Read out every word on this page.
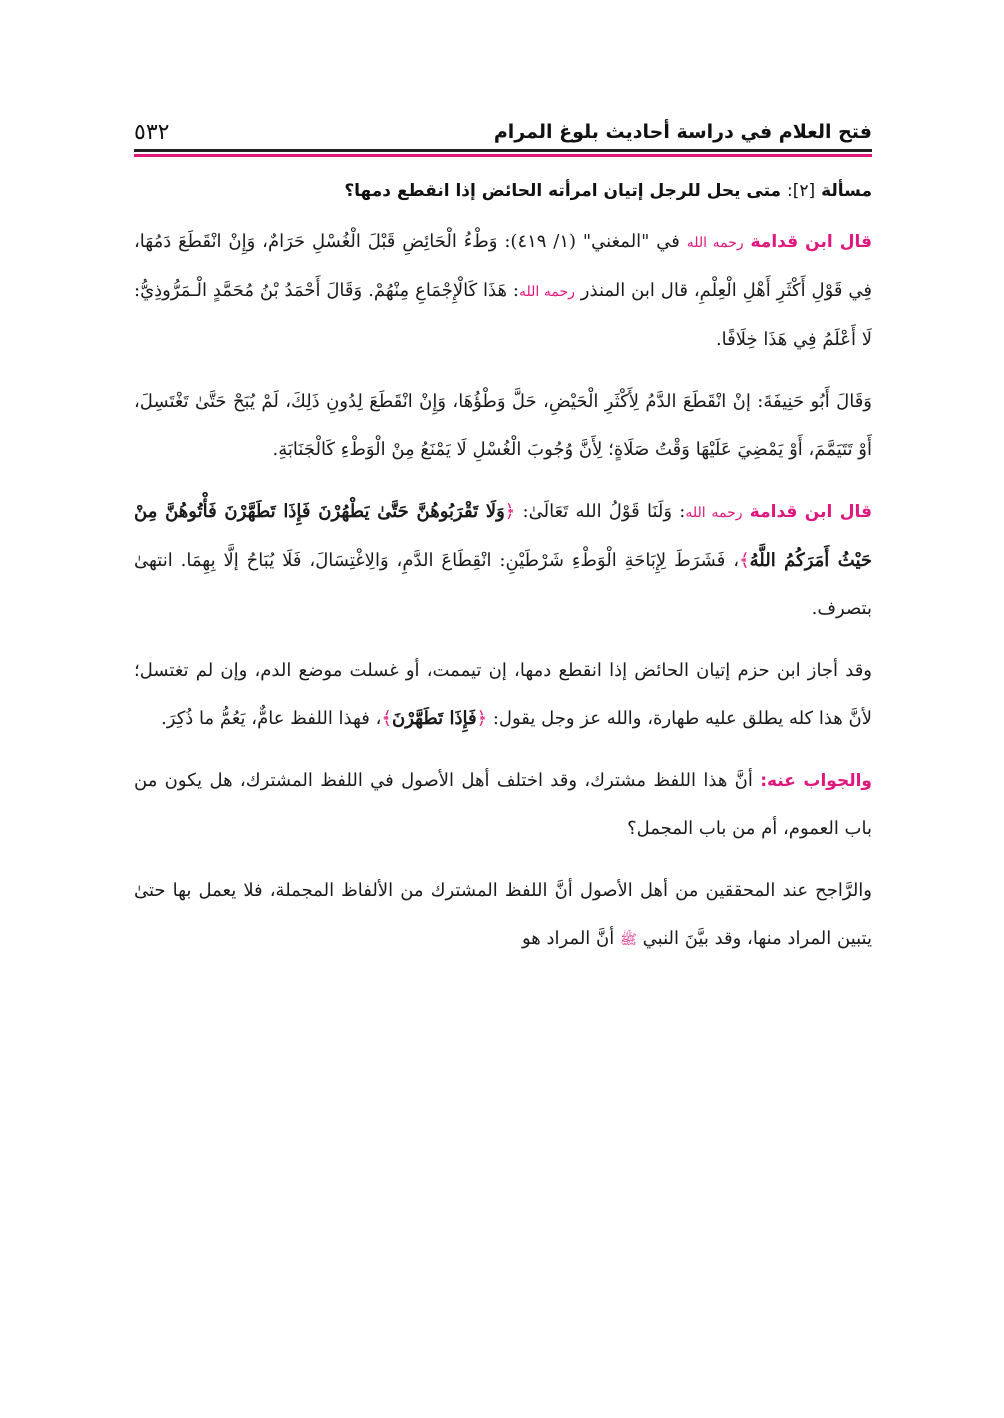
فتح العلام في دراسة أحاديث بلوغ المرام
٥٣٢
مسألة [٢]: متى يحل للرجل إتيان امرأته الحائض إذا انقطع دمها؟

قال ابن قدامة رحمه الله في "المغني" (١/ ٤١٩): وَطْءُ الْحَائِضِ قَبْلَ الْغُسْلِ حَرَامٌ، وَإِنْ انْقَطَعَ دَمُهَا، فِي قَوْلِ أَكْثَرِ أَهْلِ الْعِلْمِ، قال ابن المنذر رحمه الله: هَذَا كَالْإِجْمَاعِ مِنْهُمْ. وَقَالَ أَحْمَدُ بْنُ مُحَمَّدٍ الْـمَرُّوذِيُّ: لَا أَعْلَمُ فِي هَذَا خِلَافًا.

وَقَالَ أَبُو حَنِيفَةَ: إنْ انْقَطَعَ الدَّمُ لِأَكْثَرِ الْحَيْضِ، حَلَّ وَطْؤُهَا، وَإِنْ انْقَطَعَ لِدُونِ ذَلِكَ، لَمْ يُبَحْ حَتَّىٰ تَغْتَسِلَ، أَوْ تَتَيَمَّمَ، أَوْ يَمْضِيَ عَلَيْهَا وَقْتُ صَلَاةٍ؛ لِأَنَّ وُجُوبَ الْغُسْلِ لَا يَمْنَعُ مِنْ الْوَطْءِ كَالْجَنَابَةِ.

قال ابن قدامة رحمه الله: وَلَنَا قَوْلُ الله تَعَالَىٰ: ﴿وَلَا تَقْرَبُوهُنَّ حَتَّىٰ يَطْهُرْنَ فَإِذَا تَطَهَّرْنَ فَأْتُوهُنَّ مِنْ حَيْثُ أَمَرَكُمُ اللَّهُ﴾، فَشَرَطَ لِإِبَاحَةِ الْوَطْءِ شَرْطَيْنِ: انْقِطَاعَ الدَّمِ، وَالِاغْتِسَالَ، فَلَا يُبَاحُ إلَّا بِهِمَا. انتهىٰ بتصرف.

وقد أجاز ابن حزم إتيان الحائض إذا انقطع دمها، إن تيممت، أو غسلت موضع الدم، وإن لم تغتسل؛ لأنَّ هذا كله يطلق عليه طهارة، والله عز وجل يقول: ﴿فَإِذَا تَطَهَّرْنَ﴾، فهذا اللفظ عامٌّ، يَعُمُّ ما ذُكِرَ.

والجواب عنه: أنَّ هذا اللفظ مشترك، وقد اختلف أهل الأصول في اللفظ المشترك، هل يكون من باب العموم، أم من باب المجمل؟

والرَّاجح عند المحققين من أهل الأصول أنَّ اللفظ المشترك من الألفاظ المجملة، فلا يعمل بها حتىٰ يتبين المراد منها، وقد بيَّنَ النبي ﷺ أنَّ المراد هو
